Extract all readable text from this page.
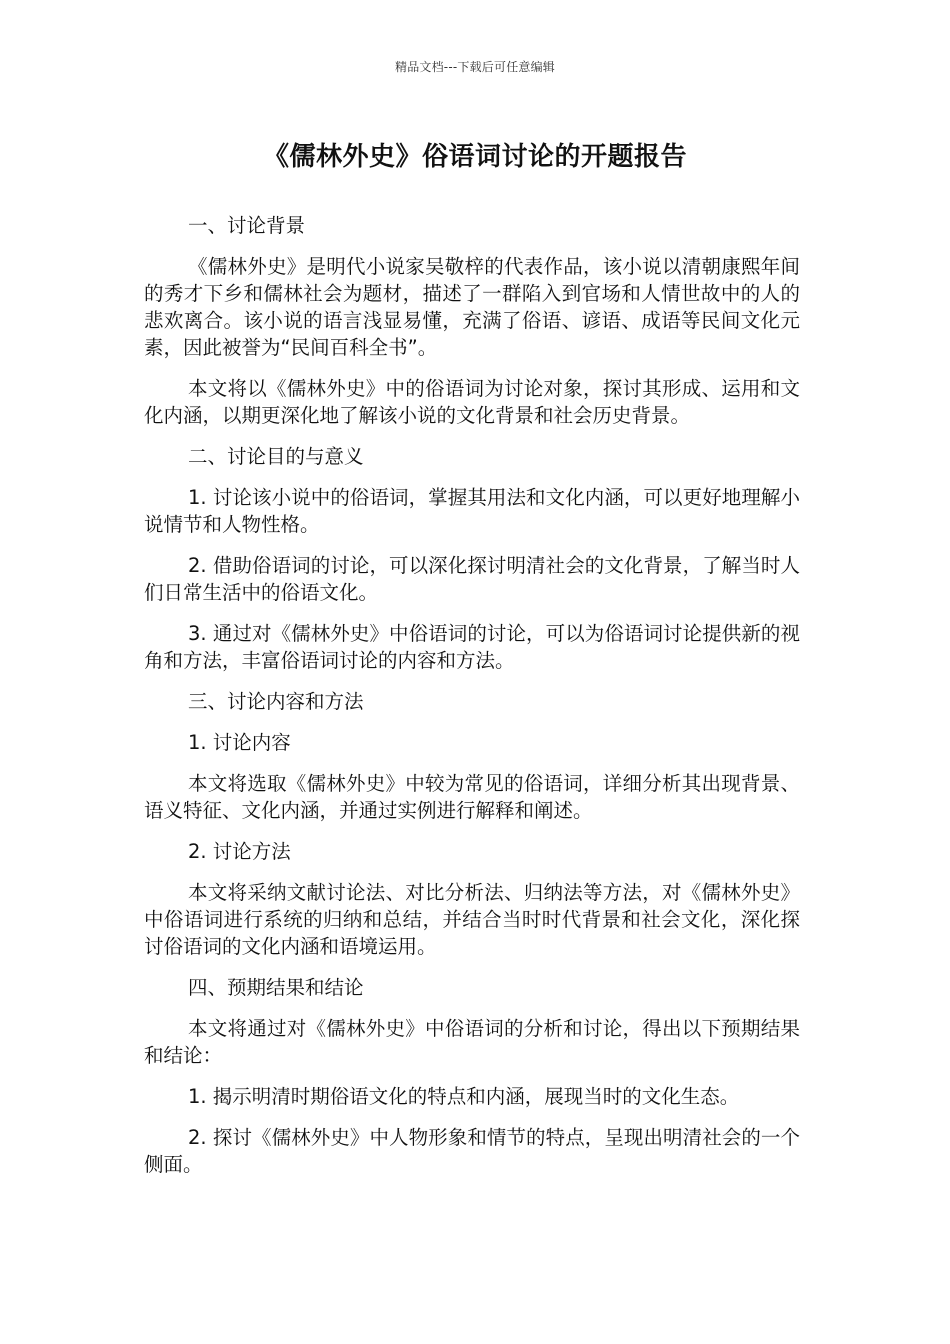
精品文档---下载后可任意编辑
《儒林外史》俗语词讨论的开题报告

一、讨论背景

《儒林外史》是明代小说家吴敬梓的代表作品，该小说以清朝康熙年间的秀才下乡和儒林社会为题材，描述了一群陷入到官场和人情世故中的人的悲欢离合。该小说的语言浅显易懂，充满了俗语、谚语、成语等民间文化元素，因此被誉为“民间百科全书”。

本文将以《儒林外史》中的俗语词为讨论对象，探讨其形成、运用和文化内涵，以期更深化地了解该小说的文化背景和社会历史背景。

二、讨论目的与意义

1. 讨论该小说中的俗语词，掌握其用法和文化内涵，可以更好地理解小说情节和人物性格。

2. 借助俗语词的讨论，可以深化探讨明清社会的文化背景，了解当时人们日常生活中的俗语文化。

3. 通过对《儒林外史》中俗语词的讨论，可以为俗语词讨论提供新的视角和方法，丰富俗语词讨论的内容和方法。

三、讨论内容和方法

1. 讨论内容

本文将选取《儒林外史》中较为常见的俗语词，详细分析其出现背景、语义特征、文化内涵，并通过实例进行解释和阐述。

2. 讨论方法

本文将采纳文献讨论法、对比分析法、归纳法等方法，对《儒林外史》中俗语词进行系统的归纳和总结，并结合当时时代背景和社会文化，深化探讨俗语词的文化内涵和语境运用。

四、预期结果和结论

本文将通过对《儒林外史》中俗语词的分析和讨论，得出以下预期结果和结论：

1. 揭示明清时期俗语文化的特点和内涵，展现当时的文化生态。

2. 探讨《儒林外史》中人物形象和情节的特点，呈现出明清社会的一个侧面。
